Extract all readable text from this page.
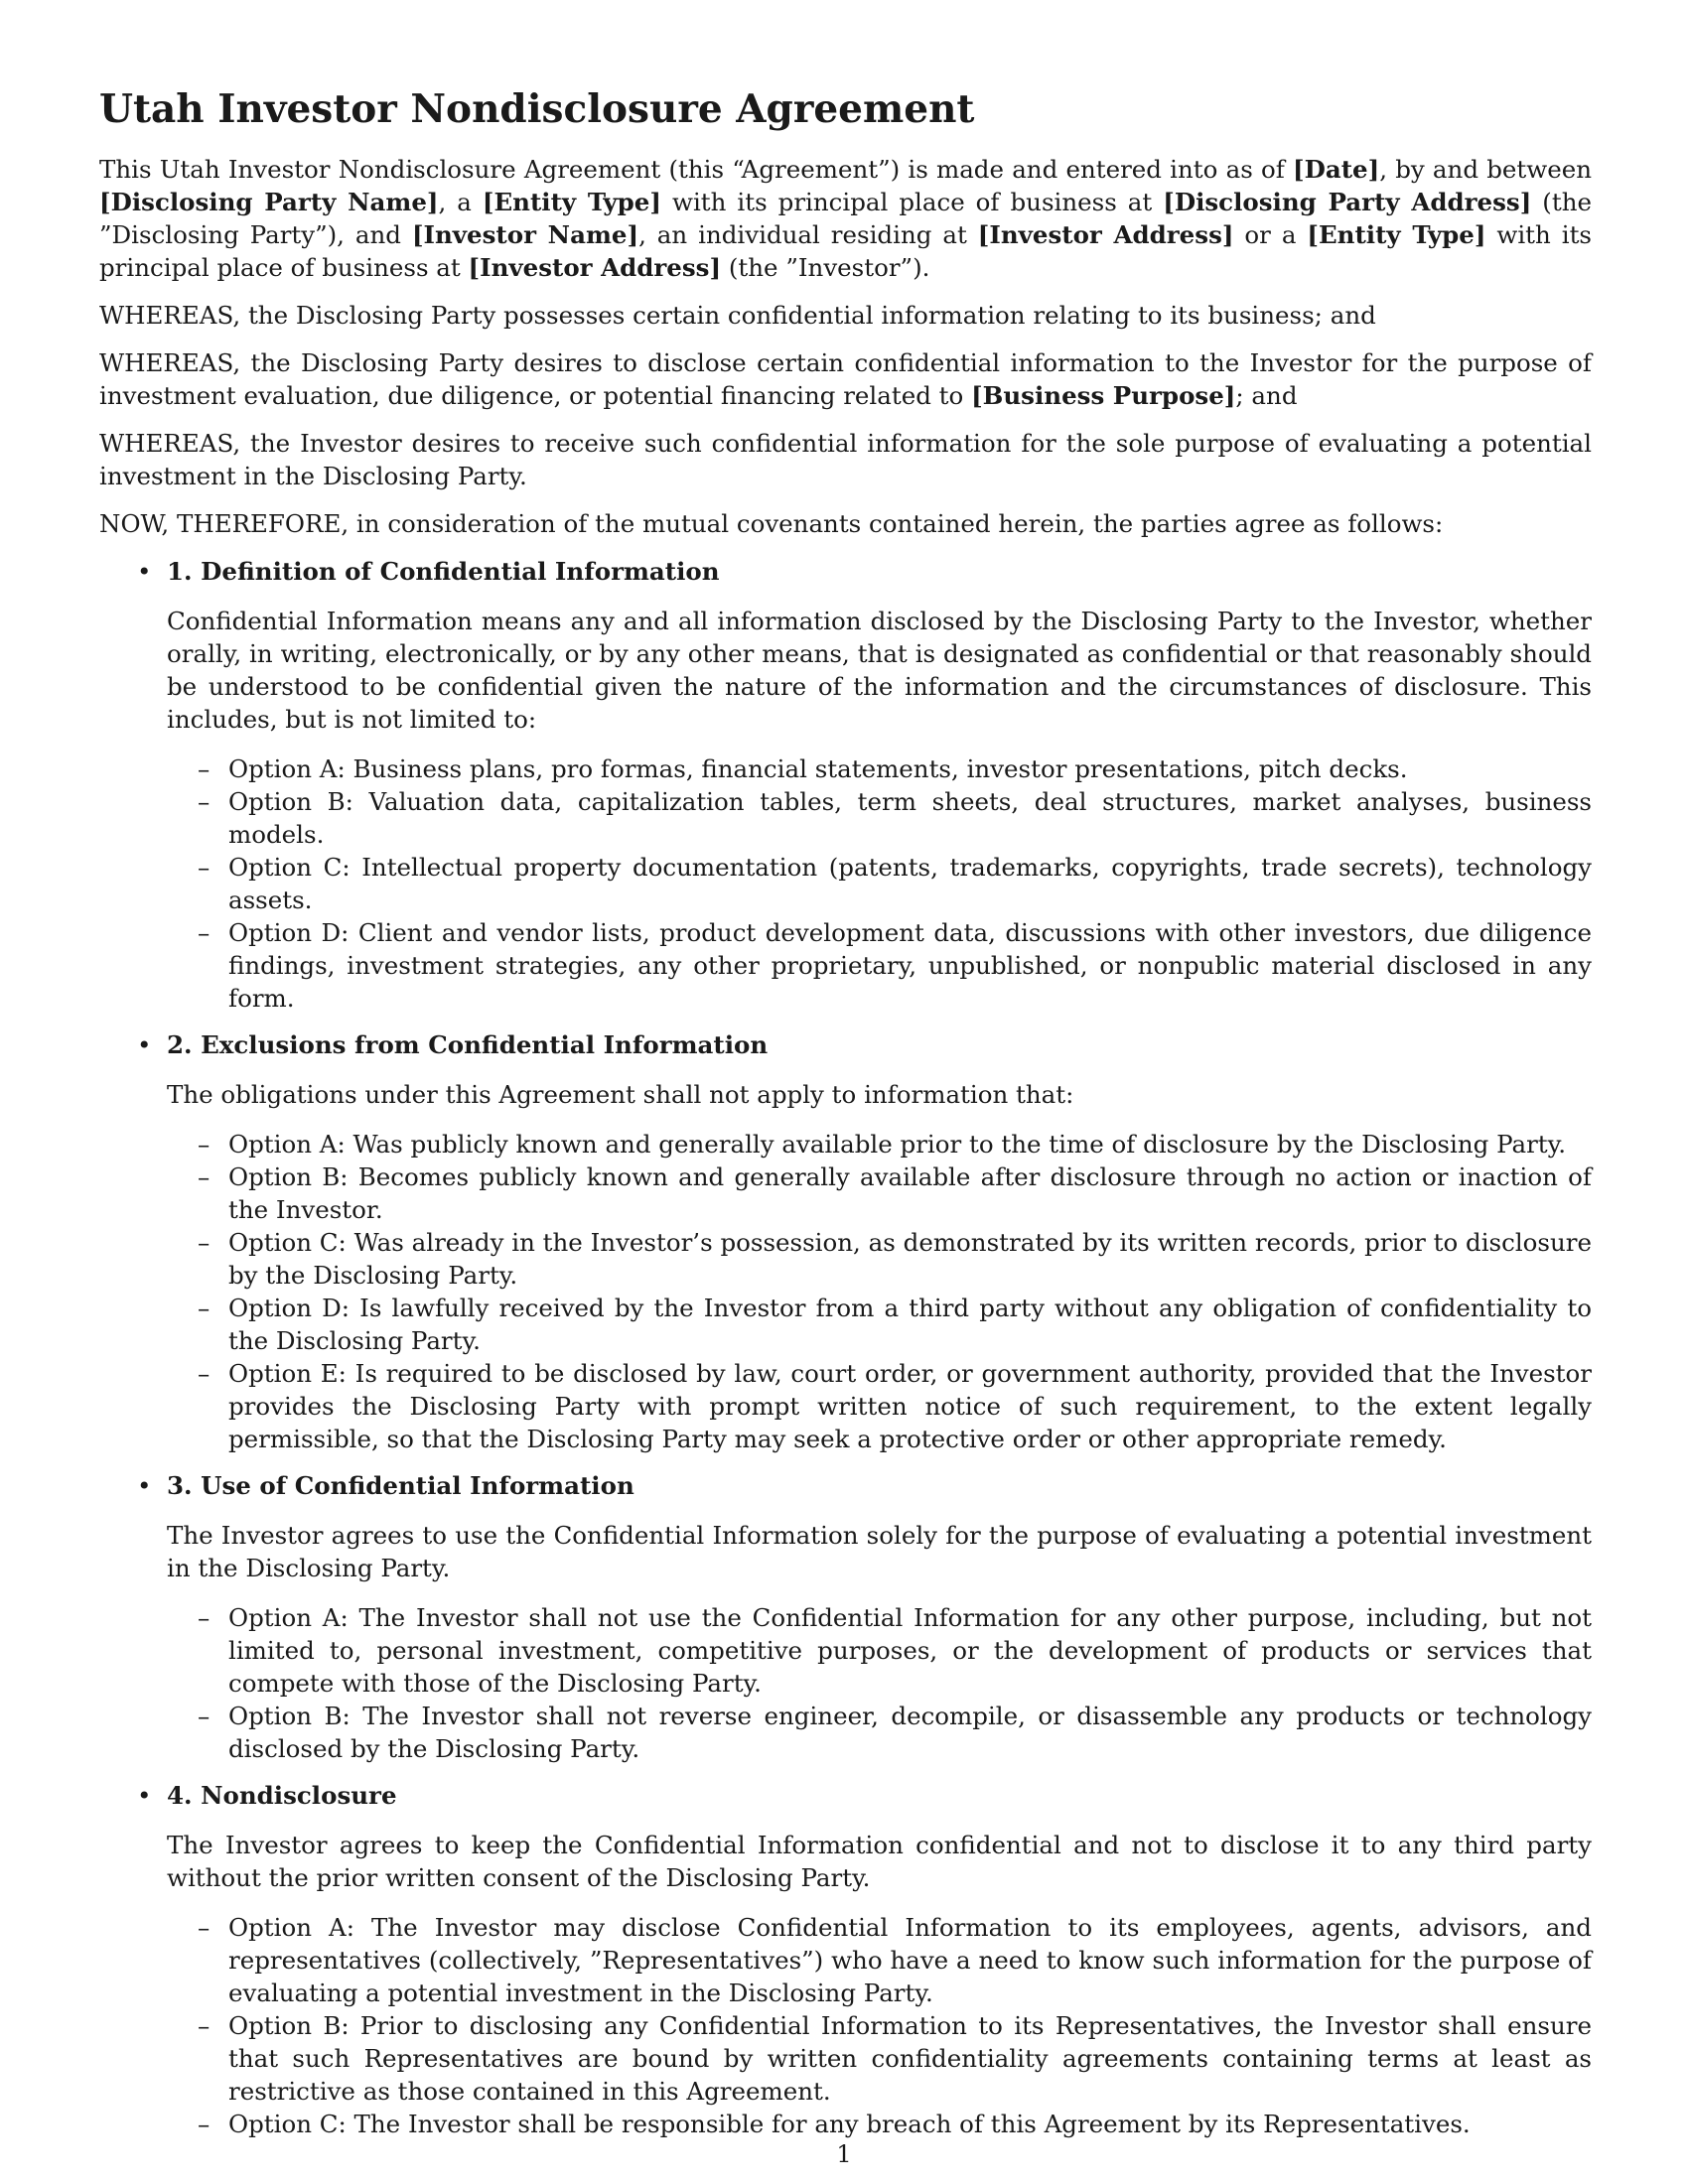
Utah Investor Nondisclosure Agreement

This Utah Investor Nondisclosure Agreement (this “Agreement”) is made and entered into as of [Date], by and between [Disclosing Party Name], a [Entity Type] with its principal place of business at [Disclosing Party Address] (the ”Disclosing Party”), and [Investor Name], an individual residing at [Investor Address] or a [Entity Type] with its principal place of business at [Investor Address] (the ”Investor”).

WHEREAS, the Disclosing Party possesses certain confidential information relating to its business; and

WHEREAS, the Disclosing Party desires to disclose certain confidential information to the Investor for the purpose of investment evaluation, due diligence, or potential financing related to [Business Purpose]; and

WHEREAS, the Investor desires to receive such confidential information for the sole purpose of evaluating a potential investment in the Disclosing Party.

NOW, THEREFORE, in consideration of the mutual covenants contained herein, the parties agree as follows:

• 1. Definition of Confidential Information

Confidential Information means any and all information disclosed by the Disclosing Party to the Investor, whether orally, in writing, electronically, or by any other means, that is designated as confidential or that reasonably should be understood to be confidential given the nature of the information and the circumstances of disclosure. This includes, but is not limited to:

– Option A: Business plans, pro formas, financial statements, investor presentations, pitch decks.
– Option B: Valuation data, capitalization tables, term sheets, deal structures, market analyses, business models.
– Option C: Intellectual property documentation (patents, trademarks, copyrights, trade secrets), technology assets.
– Option D: Client and vendor lists, product development data, discussions with other investors, due diligence findings, investment strategies, any other proprietary, unpublished, or nonpublic material disclosed in any form.
• 2. Exclusions from Confidential Information

The obligations under this Agreement shall not apply to information that:

– Option A: Was publicly known and generally available prior to the time of disclosure by the Disclosing Party.
– Option B: Becomes publicly known and generally available after disclosure through no action or inaction of the Investor.
– Option C: Was already in the Investor’s possession, as demonstrated by its written records, prior to disclosure by the Disclosing Party.
– Option D: Is lawfully received by the Investor from a third party without any obligation of confidentiality to the Disclosing Party.
– Option E: Is required to be disclosed by law, court order, or government authority, provided that the Investor provides the Disclosing Party with prompt written notice of such requirement, to the extent legally permissible, so that the Disclosing Party may seek a protective order or other appropriate remedy.
• 3. Use of Confidential Information

The Investor agrees to use the Confidential Information solely for the purpose of evaluating a potential investment in the Disclosing Party.

– Option A: The Investor shall not use the Confidential Information for any other purpose, including, but not limited to, personal investment, competitive purposes, or the development of products or services that compete with those of the Disclosing Party.
– Option B: The Investor shall not reverse engineer, decompile, or disassemble any products or technology disclosed by the Disclosing Party.
• 4. Nondisclosure

The Investor agrees to keep the Confidential Information confidential and not to disclose it to any third party without the prior written consent of the Disclosing Party.

– Option A: The Investor may disclose Confidential Information to its employees, agents, advisors, and representatives (collectively, ”Representatives”) who have a need to know such information for the purpose of evaluating a potential investment in the Disclosing Party.
– Option B: Prior to disclosing any Confidential Information to its Representatives, the Investor shall ensure that such Representatives are bound by written confidentiality agreements containing terms at least as restrictive as those contained in this Agreement.
– Option C: The Investor shall be responsible for any breach of this Agreement by its Representatives.
1
